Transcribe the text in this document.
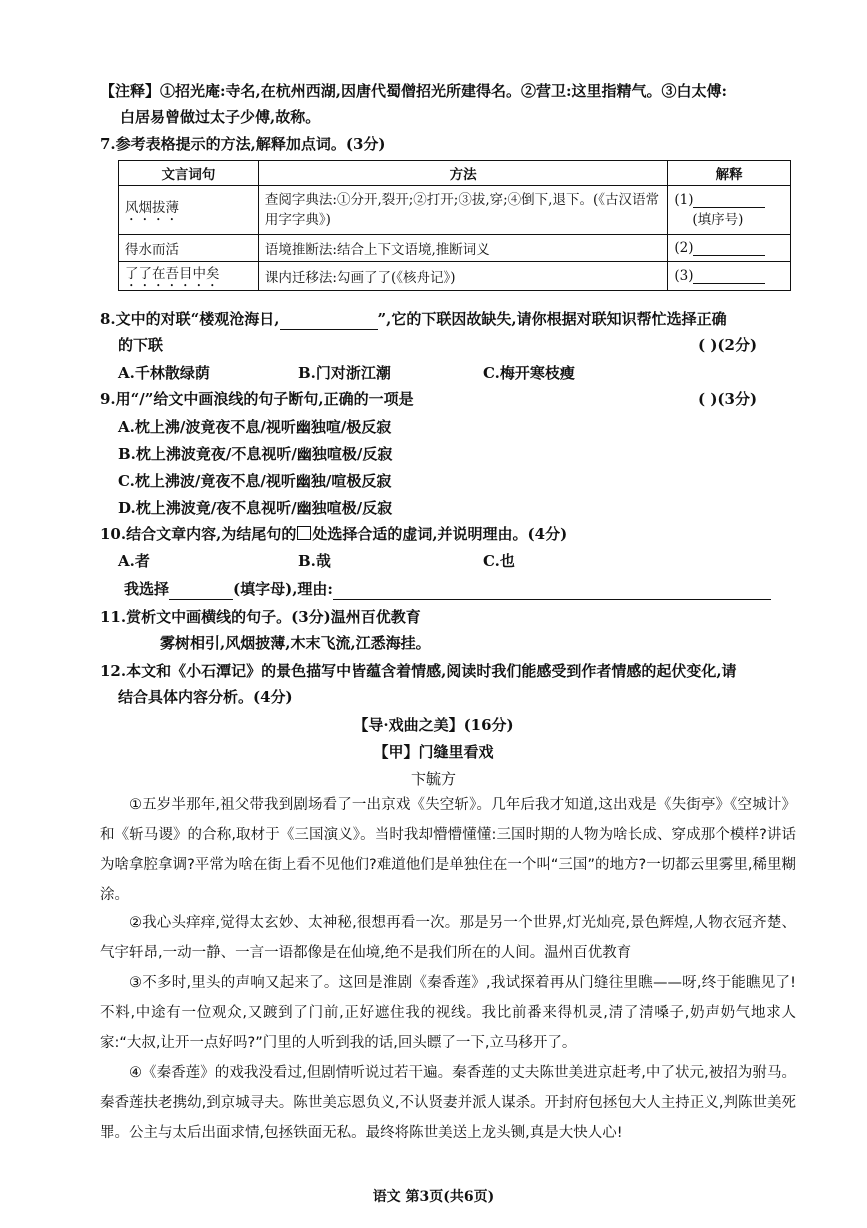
【注释】①招光庵:寺名,在杭州西湖,因唐代蜀僧招光所建得名。②营卫:这里指精气。③白太傅:
白居易曾做过太子少傅,故称。
7.参考表格提示的方法,解释加点词。(3分)
文言词句	方法	解释
风烟拔薄	查阅字典法:①分开,裂开;②打开;③拔,穿;④倒下,退下。(《古汉语常用字字典》)	(1)
(填序号)

得水而活	语境推断法:结合上下文语境,推断词义	(2)
了了在吾目中矣	课内迁移法:勾画了了(《核舟记》)	(3)
8.文中的对联“楼观沧海日,	”,它的下联因故缺失,请你根据对联知识帮忙选择正确
的下联	( )(2分)
A.千林散绿荫	B.门对浙江潮	C.梅开寒枝瘦
9.用“/”给文中画浪线的句子断句,正确的一项是	( )(3分)
A.枕上沸/波竟夜不息/视听幽独喧/极反寂
B.枕上沸波竟夜/不息视听/幽独喧极/反寂
C.枕上沸波/竟夜不息/视听幽独/喧极反寂
D.枕上沸波竟/夜不息视听/幽独喧极/反寂
10.结合文章内容,为结尾句的 处选择合适的虚词,并说明理由。(4分)
A.者	B.哉	C.也
我选择	(填字母),理由:
11.赏析文中画横线的句子。(3分)温州百优教育
雾树相引,风烟披薄,木末飞流,江悉海挂。
12.本文和《小石潭记》的景色描写中皆蕴含着情感,阅读时我们能感受到作者情感的起伏变化,请
结合具体内容分析。(4分)
【导·戏曲之美】(16分)
【甲】门缝里看戏
卞毓方
①五岁半那年,祖父带我到剧场看了一出京戏《失空斩》。几年后我才知道,这出戏是《失街亭》《空城计》和《斩马谡》的合称,取材于《三国演义》。当时我却懵懵懂懂:三国时期的人物为啥长成、穿成那个模样?讲话为啥拿腔拿调?平常为啥在街上看不见他们?难道他们是单独住在一个叫“三国”的地方?一切都云里雾里,稀里糊涂。
②我心头痒痒,觉得太玄妙、太神秘,很想再看一次。那是另一个世界,灯光灿亮,景色辉煌,人物衣冠齐楚、气宇轩昂,一动一静、一言一语都像是在仙境,绝不是我们所在的人间。温州百优教育
③不多时,里头的声响又起来了。这回是淮剧《秦香莲》,我试探着再从门缝往里瞧——呀,终于能瞧见了!不料,中途有一位观众,又踱到了门前,正好遮住我的视线。我比前番来得机灵,清了清嗓子,奶声奶气地求人家:“大叔,让开一点好吗?”门里的人听到我的话,回头瞟了一下,立马移开了。
④《秦香莲》的戏我没看过,但剧情听说过若干遍。秦香莲的丈夫陈世美进京赶考,中了状元,被招为驸马。秦香莲扶老携幼,到京城寻夫。陈世美忘恩负义,不认贤妻并派人谋杀。开封府包拯包大人主持正义,判陈世美死罪。公主与太后出面求情,包拯铁面无私。最终将陈世美送上龙头铡,真是大快人心!
语文 第3页(共6页)
